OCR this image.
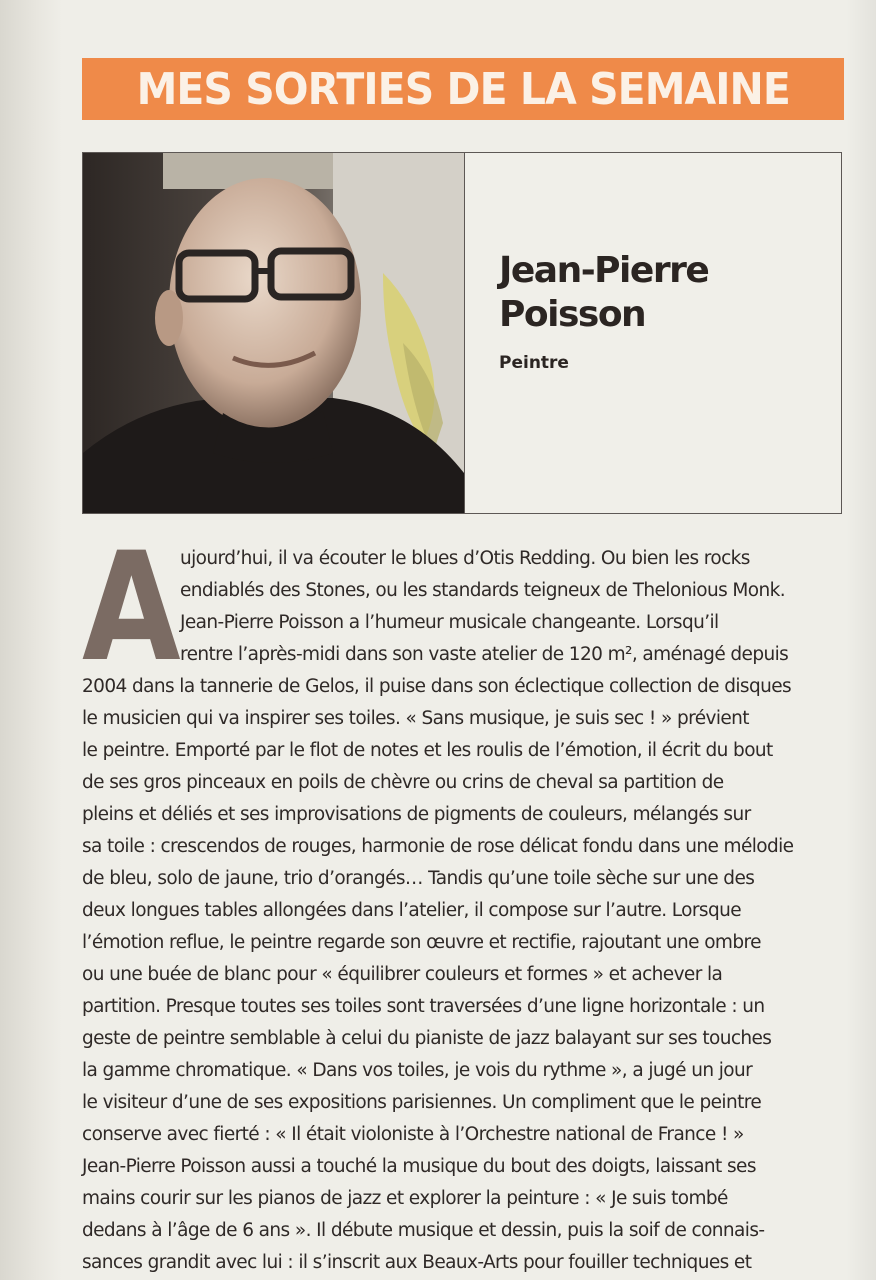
MES SORTIES DE LA SEMAINE
Jean-Pierre
Poisson
Peintre
A ujourd’hui, il va écouter le blues d’Otis Redding. Ou bien les rocks
endiablés des Stones, ou les standards teigneux de Thelonious Monk.
Jean-Pierre Poisson a l’humeur musicale changeante. Lorsqu’il
rentre l’après-midi dans son vaste atelier de 120 m², aménagé depuis
2004 dans la tannerie de Gelos, il puise dans son éclectique collection de disques
le musicien qui va inspirer ses toiles. « Sans musique, je suis sec ! » prévient
le peintre. Emporté par le flot de notes et les roulis de l’émotion, il écrit du bout
de ses gros pinceaux en poils de chèvre ou crins de cheval sa partition de
pleins et déliés et ses improvisations de pigments de couleurs, mélangés sur
sa toile : crescendos de rouges, harmonie de rose délicat fondu dans une mélodie
de bleu, solo de jaune, trio d’orangés… Tandis qu’une toile sèche sur une des
deux longues tables allongées dans l’atelier, il compose sur l’autre. Lorsque
l’émotion reflue, le peintre regarde son œuvre et rectifie, rajoutant une ombre
ou une buée de blanc pour « équilibrer couleurs et formes » et achever la
partition. Presque toutes ses toiles sont traversées d’une ligne horizontale : un
geste de peintre semblable à celui du pianiste de jazz balayant sur ses touches
la gamme chromatique. « Dans vos toiles, je vois du rythme », a jugé un jour
le visiteur d’une de ses expositions parisiennes. Un compliment que le peintre
conserve avec fierté : « Il était violoniste à l’Orchestre national de France ! »
Jean-Pierre Poisson aussi a touché la musique du bout des doigts, laissant ses
mains courir sur les pianos de jazz et explorer la peinture : « Je suis tombé
dedans à l’âge de 6 ans ». Il débute musique et dessin, puis la soif de connais-
sances grandit avec lui : il s’inscrit aux Beaux-Arts pour fouiller techniques et
